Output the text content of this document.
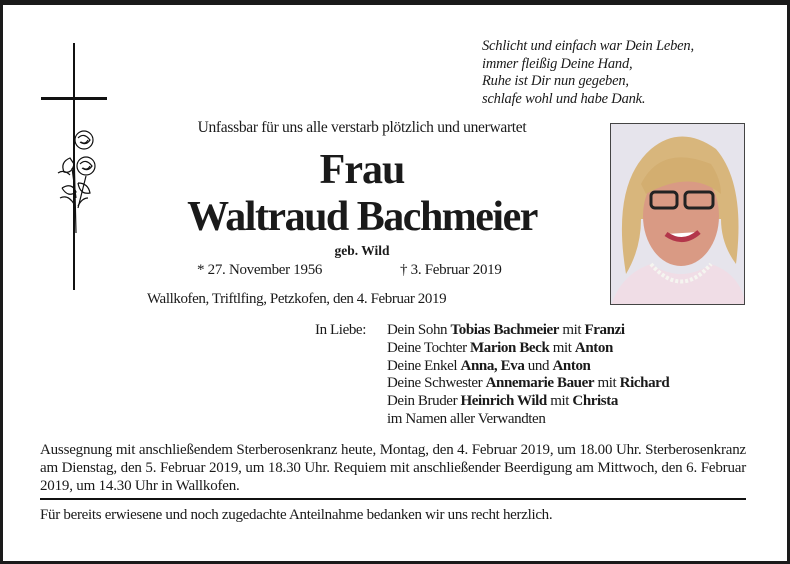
Schlicht und einfach war Dein Leben,
immer fleißig Deine Hand,
Ruhe ist Dir nun gegeben,
schlafe wohl und habe Dank.
Unfassbar für uns alle verstarb plötzlich und unerwartet
Frau
Waltraud Bachmeier
geb. Wild
* 27. November 1956	† 3. Februar 2019
Wallkofen, Triftlfing, Petzkofen, den 4. Februar 2019
In Liebe: Dein Sohn Tobias Bachmeier mit Franzi
Deine Tochter Marion Beck mit Anton
Deine Enkel Anna, Eva und Anton
Deine Schwester Annemarie Bauer mit Richard
Dein Bruder Heinrich Wild mit Christa
im Namen aller Verwandten
Aussegnung mit anschließendem Sterberosenkranz heute, Montag, den 4. Februar 2019, um 18.00 Uhr. Sterberosenkranz am Dienstag, den 5. Februar 2019, um 18.30 Uhr. Requiem mit anschließender Beerdigung am Mittwoch, den 6. Februar 2019, um 14.30 Uhr in Wallkofen.
Für bereits erwiesene und noch zugedachte Anteilnahme bedanken wir uns recht herzlich.
